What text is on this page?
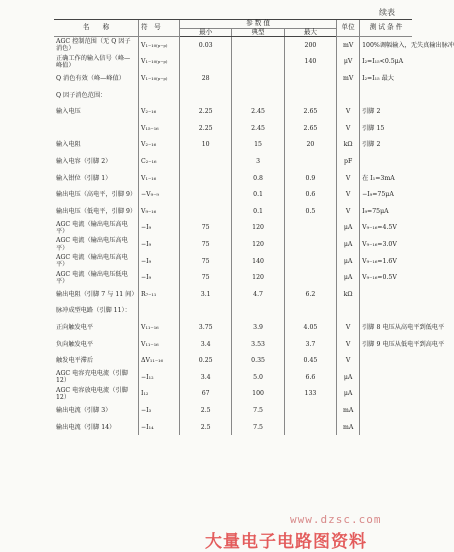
续表
名　　称	符　号	参 数 值			单位	测 试 条 件
		最小	典型	最大		
AGC 控制范围（无 Q 因子消色）	V₁₋₁₀₍ₚ₋ₚ₎	0.03		200	mV	100%调幅输入，无失真输出脉冲
正确工作的输入信号（峰—峰值）	V₁₋₁₀₍ₚ₋ₚ₎			140	μV	I₂=I₁₅<0.5μA
Q 消色有效（峰—峰值）	V₁₋₁₀₍ₚ₋ₚ₎	28			mV	I₂=I₁₅ 最大
Q 因子消色范围：						
输入电压	V₂₋₁₆	2.25	2.45	2.65	V	引脚 2
	V₁₅₋₁₆	2.25	2.45	2.65	V	引脚 15
输入电阻	V₂₋₁₆	10	15	20	kΩ	引脚 2
输入电容（引脚 2）	C₂₋₁₆		3		pF	
输入钳位（引脚 1）	V₁₋₁₆		0.8	0.9	V	在 I₁=3mA
输出电压（高电平，引脚 9）	−V₉₋₉		0.1	0.6	V	−I₉=75μA
输出电压（低电平，引脚 9）	V₉₋₁₆		0.1	0.5	V	I₉=75μA
AGC 电流（输出电压高电平）	−I₉	75	120		μA	V₉₋₁₆=4.5V
AGC 电流（输出电压高电平）	−I₉	75	120		μA	V₉₋₁₆=3.0V
AGC 电流（输出电压高电平）	−I₉	75	140		μA	V₉₋₁₆=1.6V
AGC 电流（输出电压低电平）	−I₉	75	120		μA	V₉₋₁₆=0.5V
输出电阻（引脚 7 与 11 间）	R₇₋₁₁	3.1	4.7	6.2	kΩ	
脉冲成型电路（引脚 11）：						
正向触发电平	V₁₁₋₁₆	3.75	3.9	4.05	V	引脚 8 电压从高电平到低电平
负向触发电平	V₁₁₋₁₆	3.4	3.53	3.7	V	引脚 9 电压从低电平到高电平
触发电平滞后	ΔV₁₁₋₁₆	0.25	0.35	0.45	V	
AGC 电容充电电流（引脚 12）	−I₁₂	3.4	5.0	6.6	μA	
AGC 电容放电电流（引脚 12）	I₁₂	67	100	133	μA	
输出电流（引脚 3）	−I₃	2.5	7.5		mA	
输出电流（引脚 14）	−I₁₄	2.5	7.5		mA	
www.dzsc.com
大量电子电路图资料
